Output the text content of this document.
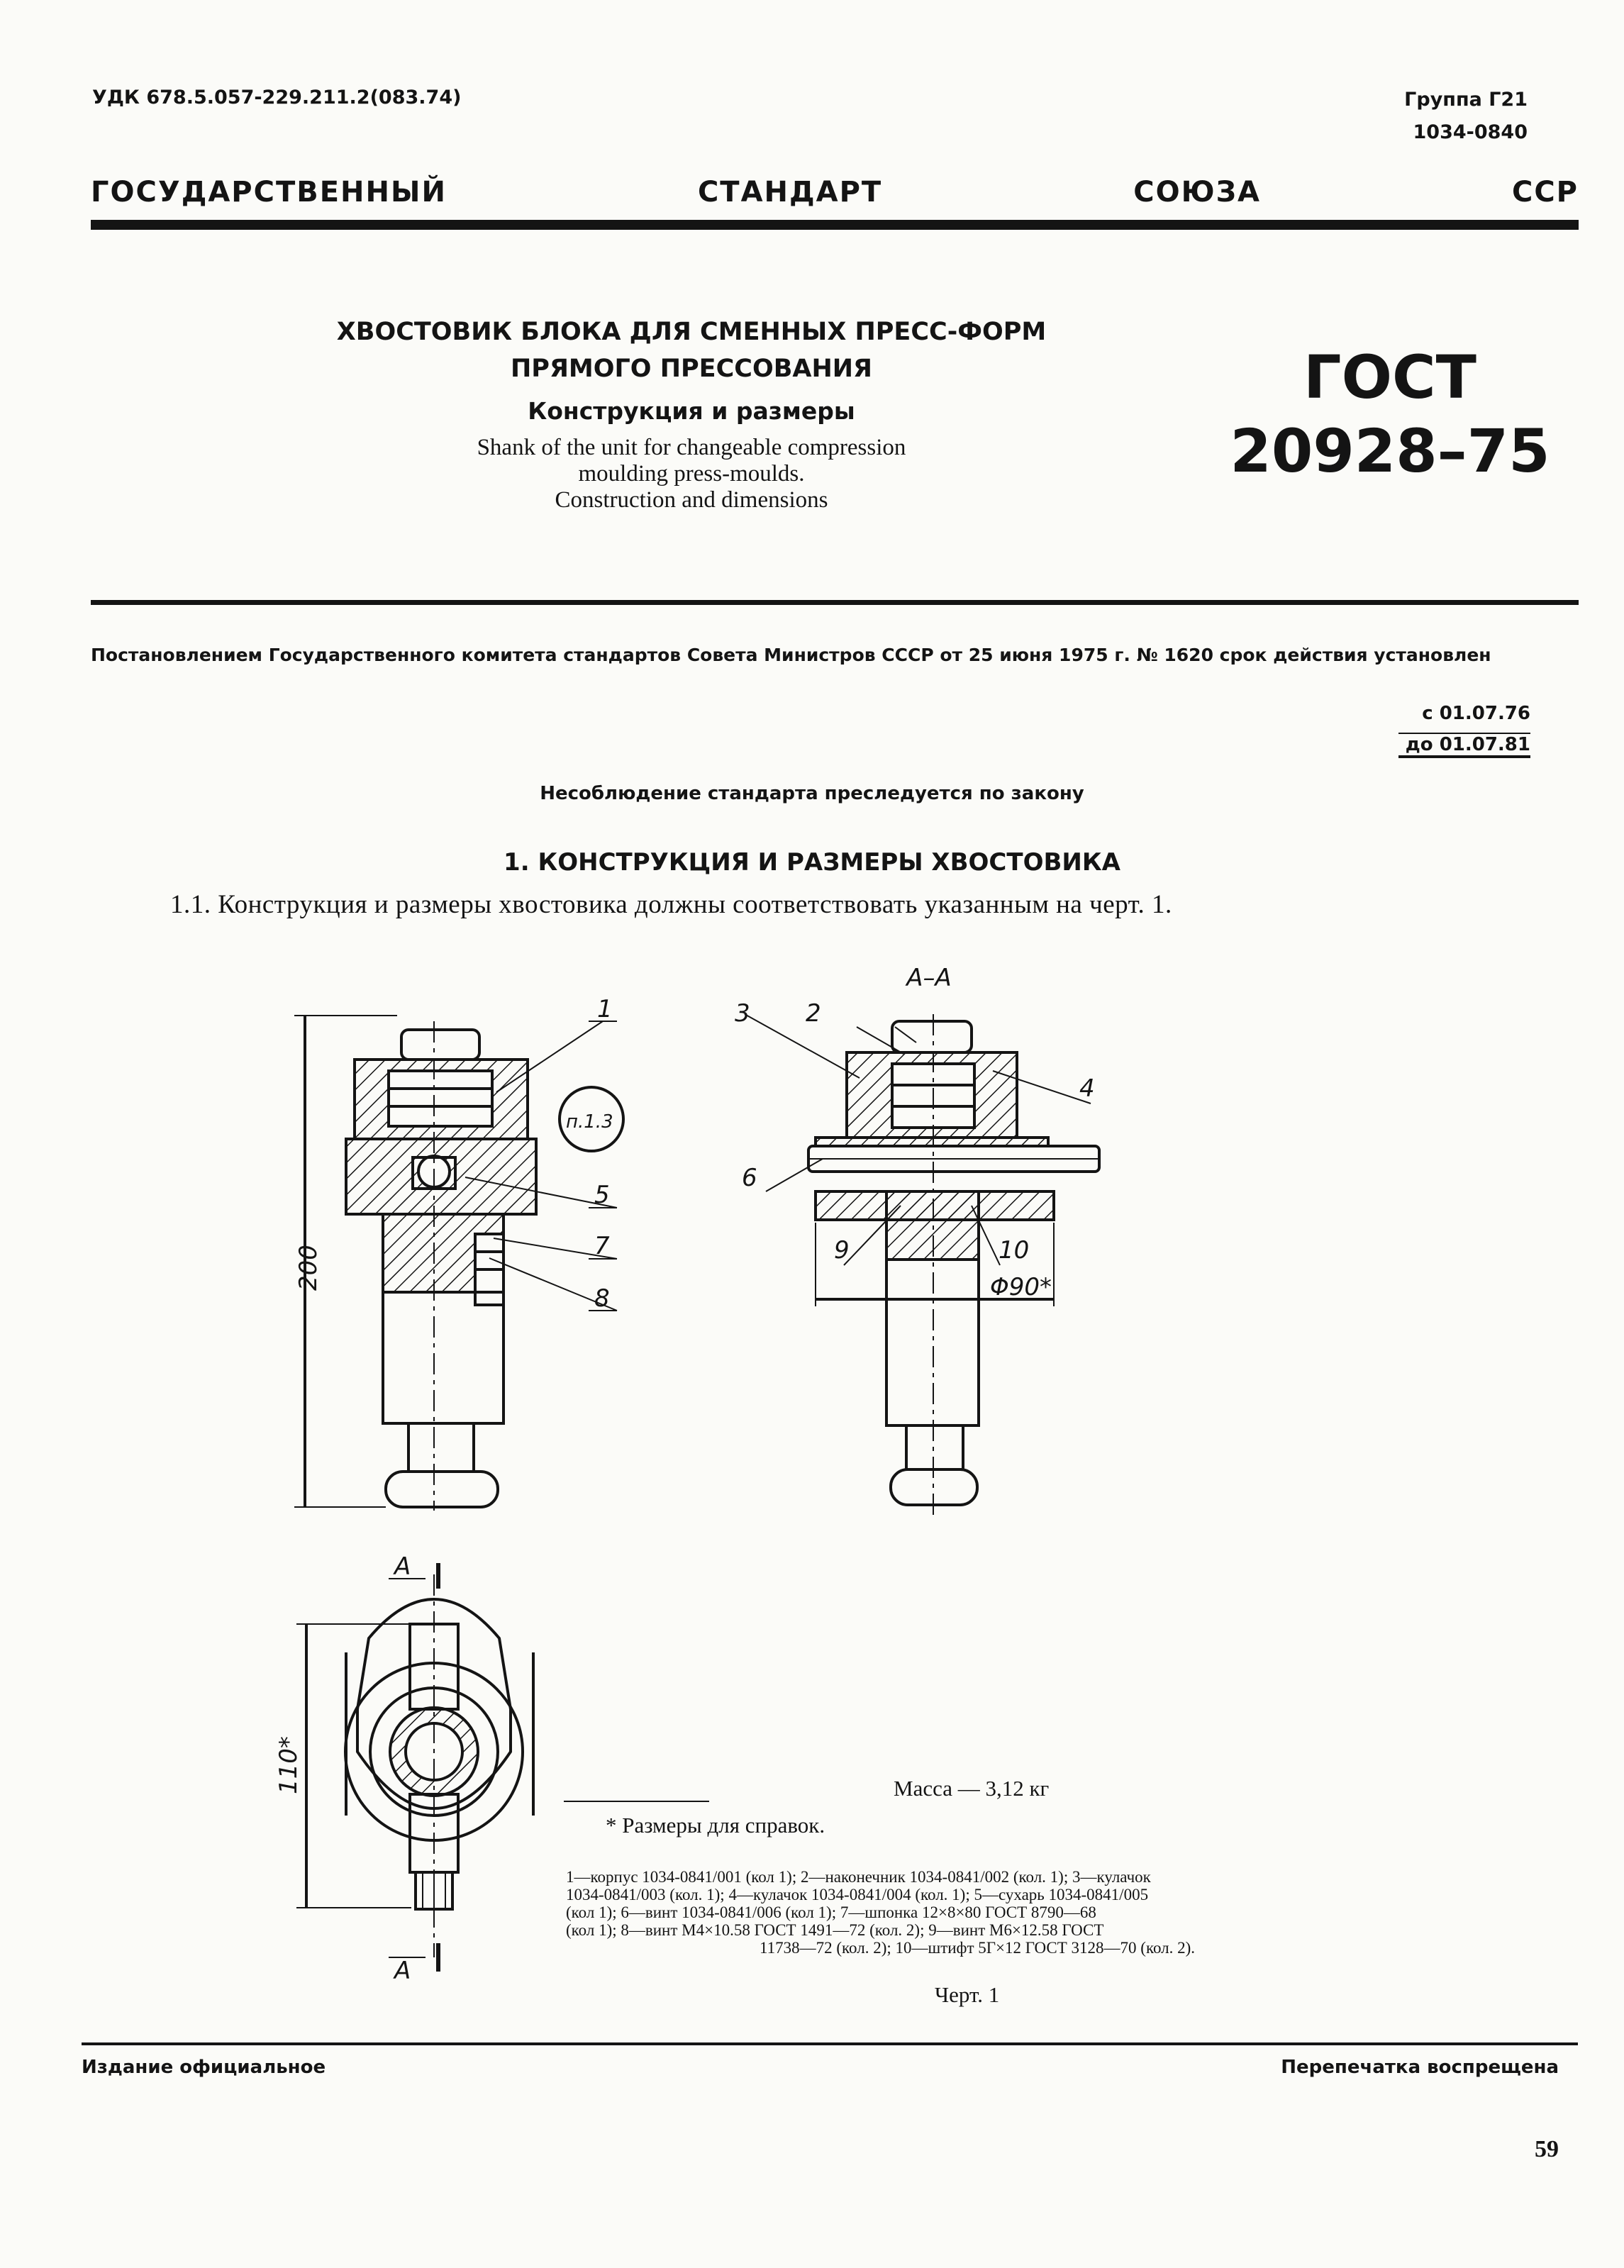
УДК 678.5.057-229.211.2(083.74)	Группа Г21
1034-0840
ГОСУДАРСТВЕННЫЙ	СТАНДАРТ	СОЮЗА	ССР
ХВОСТОВИК БЛОКА ДЛЯ СМЕННЫХ ПРЕСС-ФОРМ
ПРЯМОГО ПРЕССОВАНИЯ
Конструкция и размеры
Shank of the unit for changeable compression
moulding press-moulds.
Construction and dimensions
ГОСТ
20928–75
Постановлением Государственного комитета стандартов Совета Министров СССР от 25 июня 1975 г. № 1620 срок действия установлен
с 01.07.76
до 01.07.81
Несоблюдение стандарта преследуется по закону
1. КОНСТРУКЦИЯ И РАЗМЕРЫ ХВОСТОВИКА
1.1. Конструкция и размеры хвостовика должны соответствовать указанным на черт. 1.
А–А
200
110*
Φ90*
п.1.3
А
А
1	2
3
4
5
6
7
8
9	10
Масса — 3,12 кг
* Размеры для справок.
1—корпус 1034-0841/001 (кол 1); 2—наконечник 1034-0841/002 (кол. 1); 3—кулачок
1034-0841/003 (кол. 1); 4—кулачок 1034-0841/004 (кол. 1); 5—сухарь 1034-0841/005
(кол 1); 6—винт 1034-0841/006 (кол 1); 7—шпонка 12×8×80 ГОСТ 8790—68
(кол 1); 8—винт М4×10.58 ГОСТ 1491—72 (кол. 2); 9—винт М6×12.58 ГОСТ
11738—72 (кол. 2); 10—штифт 5Г×12 ГОСТ 3128—70 (кол. 2).
Черт. 1
Издание официальное	Перепечатка воспрещена
59
